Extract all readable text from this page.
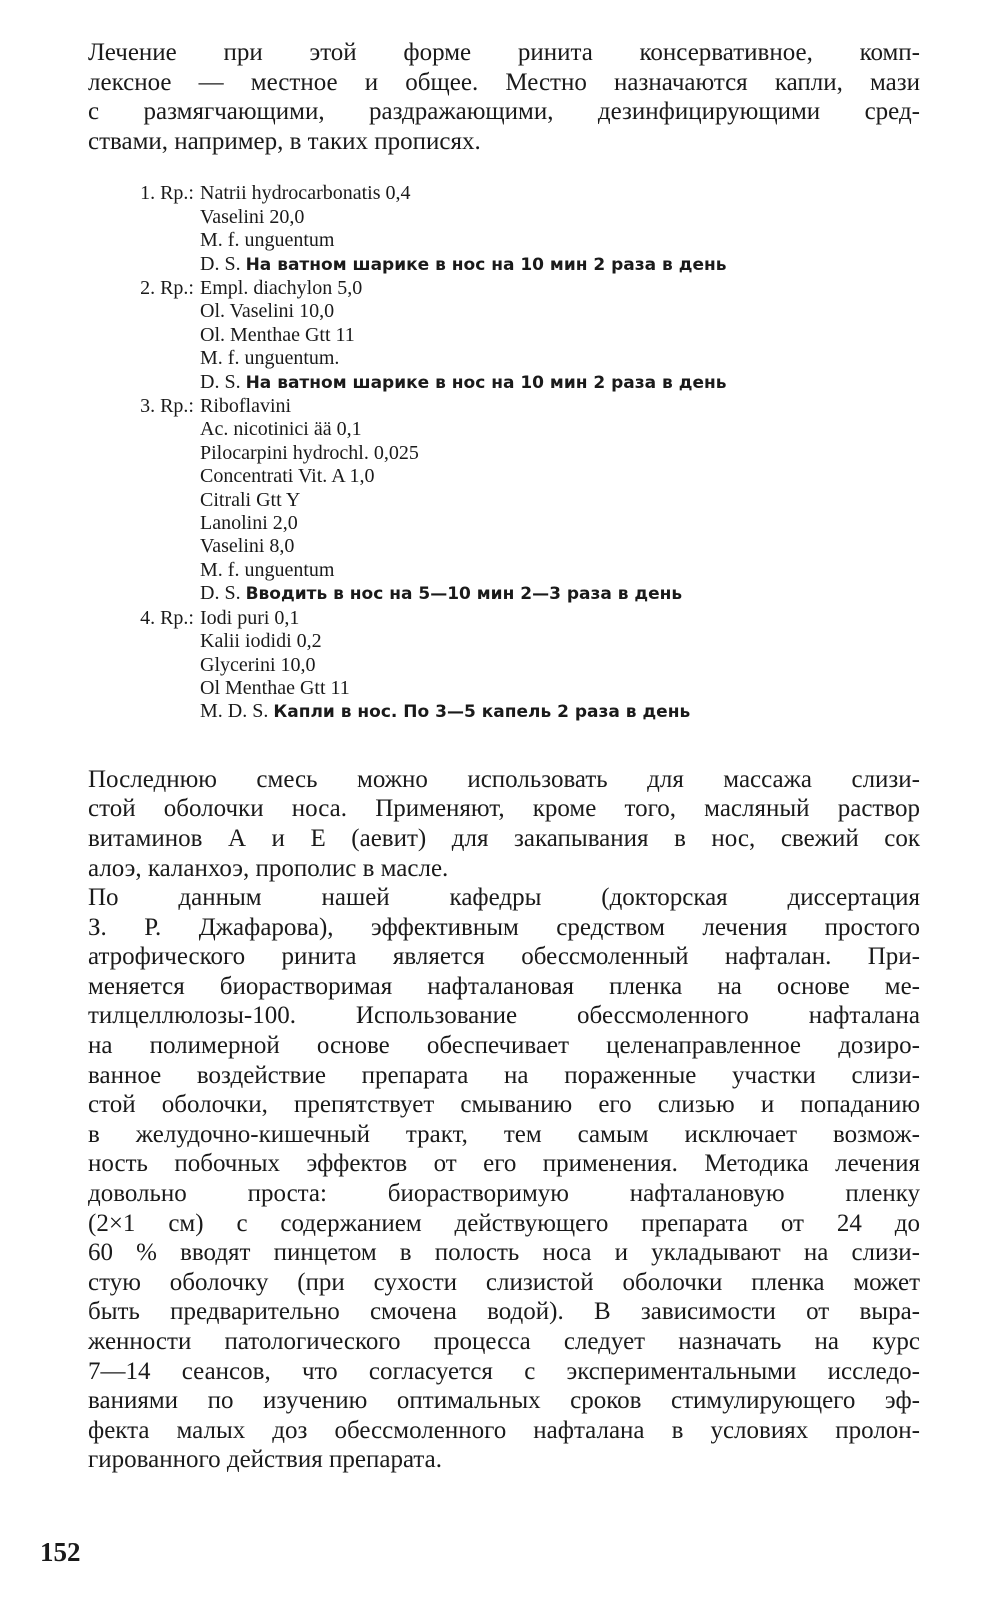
Лечение при этой форме ринита консервативное, комп-
лексное — местное и общее. Местно назначаются капли, мази
с размягчающими, раздражающими, дезинфицирующими сред-
ствами, например, в таких прописях.

1. Rp.: Natrii hydrocarbonatis 0,4
Vaselini 20,0
M. f. unguentum
D. S. На ватном шарике в нос на 10 мин 2 раза в день
2. Rp.: Empl. diachylon 5,0
Ol. Vaselini 10,0
Ol. Menthae Gtt 11
M. f. unguentum.
D. S. На ватном шарике в нос на 10 мин 2 раза в день
3. Rp.: Riboflavini
Ac. nicotinici ää 0,1
Pilocarpini hydrochl. 0,025
Concentrati Vit. A 1,0
Citrali Gtt Y
Lanolini 2,0
Vaselini 8,0
M. f. unguentum
D. S. Вводить в нос на 5—10 мин 2—3 раза в день
4. Rp.: Iodi puri 0,1
Kalii iodidi 0,2
Glycerini 10,0
Ol Menthae Gtt 11
M. D. S. Капли в нос. По 3—5 капель 2 раза в день

Последнюю смесь можно использовать для массажа слизи-
стой оболочки носа. Применяют, кроме того, масляный раствор
витаминов А и Е (аевит) для закапывания в нос, свежий сок
алоэ, каланхоэ, прополис в масле.

По данным нашей кафедры (докторская диссертация
З. Р. Джафарова), эффективным средством лечения простого
атрофического ринита является обессмоленный нафталан. При-
меняется биорастворимая нафталановая пленка на основе ме-
тилцеллюлозы-100. Использование обессмоленного нафталана
на полимерной основе обеспечивает целенаправленное дозиро-
ванное воздействие препарата на пораженные участки слизи-
стой оболочки, препятствует смыванию его слизью и попаданию
в желудочно-кишечный тракт, тем самым исключает возмож-
ность побочных эффектов от его применения. Методика лечения
довольно проста: биорастворимую нафталановую пленку
(2×1 см) с содержанием действующего препарата от 24 до
60 % вводят пинцетом в полость носа и укладывают на слизи-
стую оболочку (при сухости слизистой оболочки пленка может
быть предварительно смочена водой). В зависимости от выра-
женности патологического процесса следует назначать на курс
7—14 сеансов, что согласуется с экспериментальными исследо-
ваниями по изучению оптимальных сроков стимулирующего эф-
фекта малых доз обессмоленного нафталана в условиях пролон-
гированного действия препарата.

152
